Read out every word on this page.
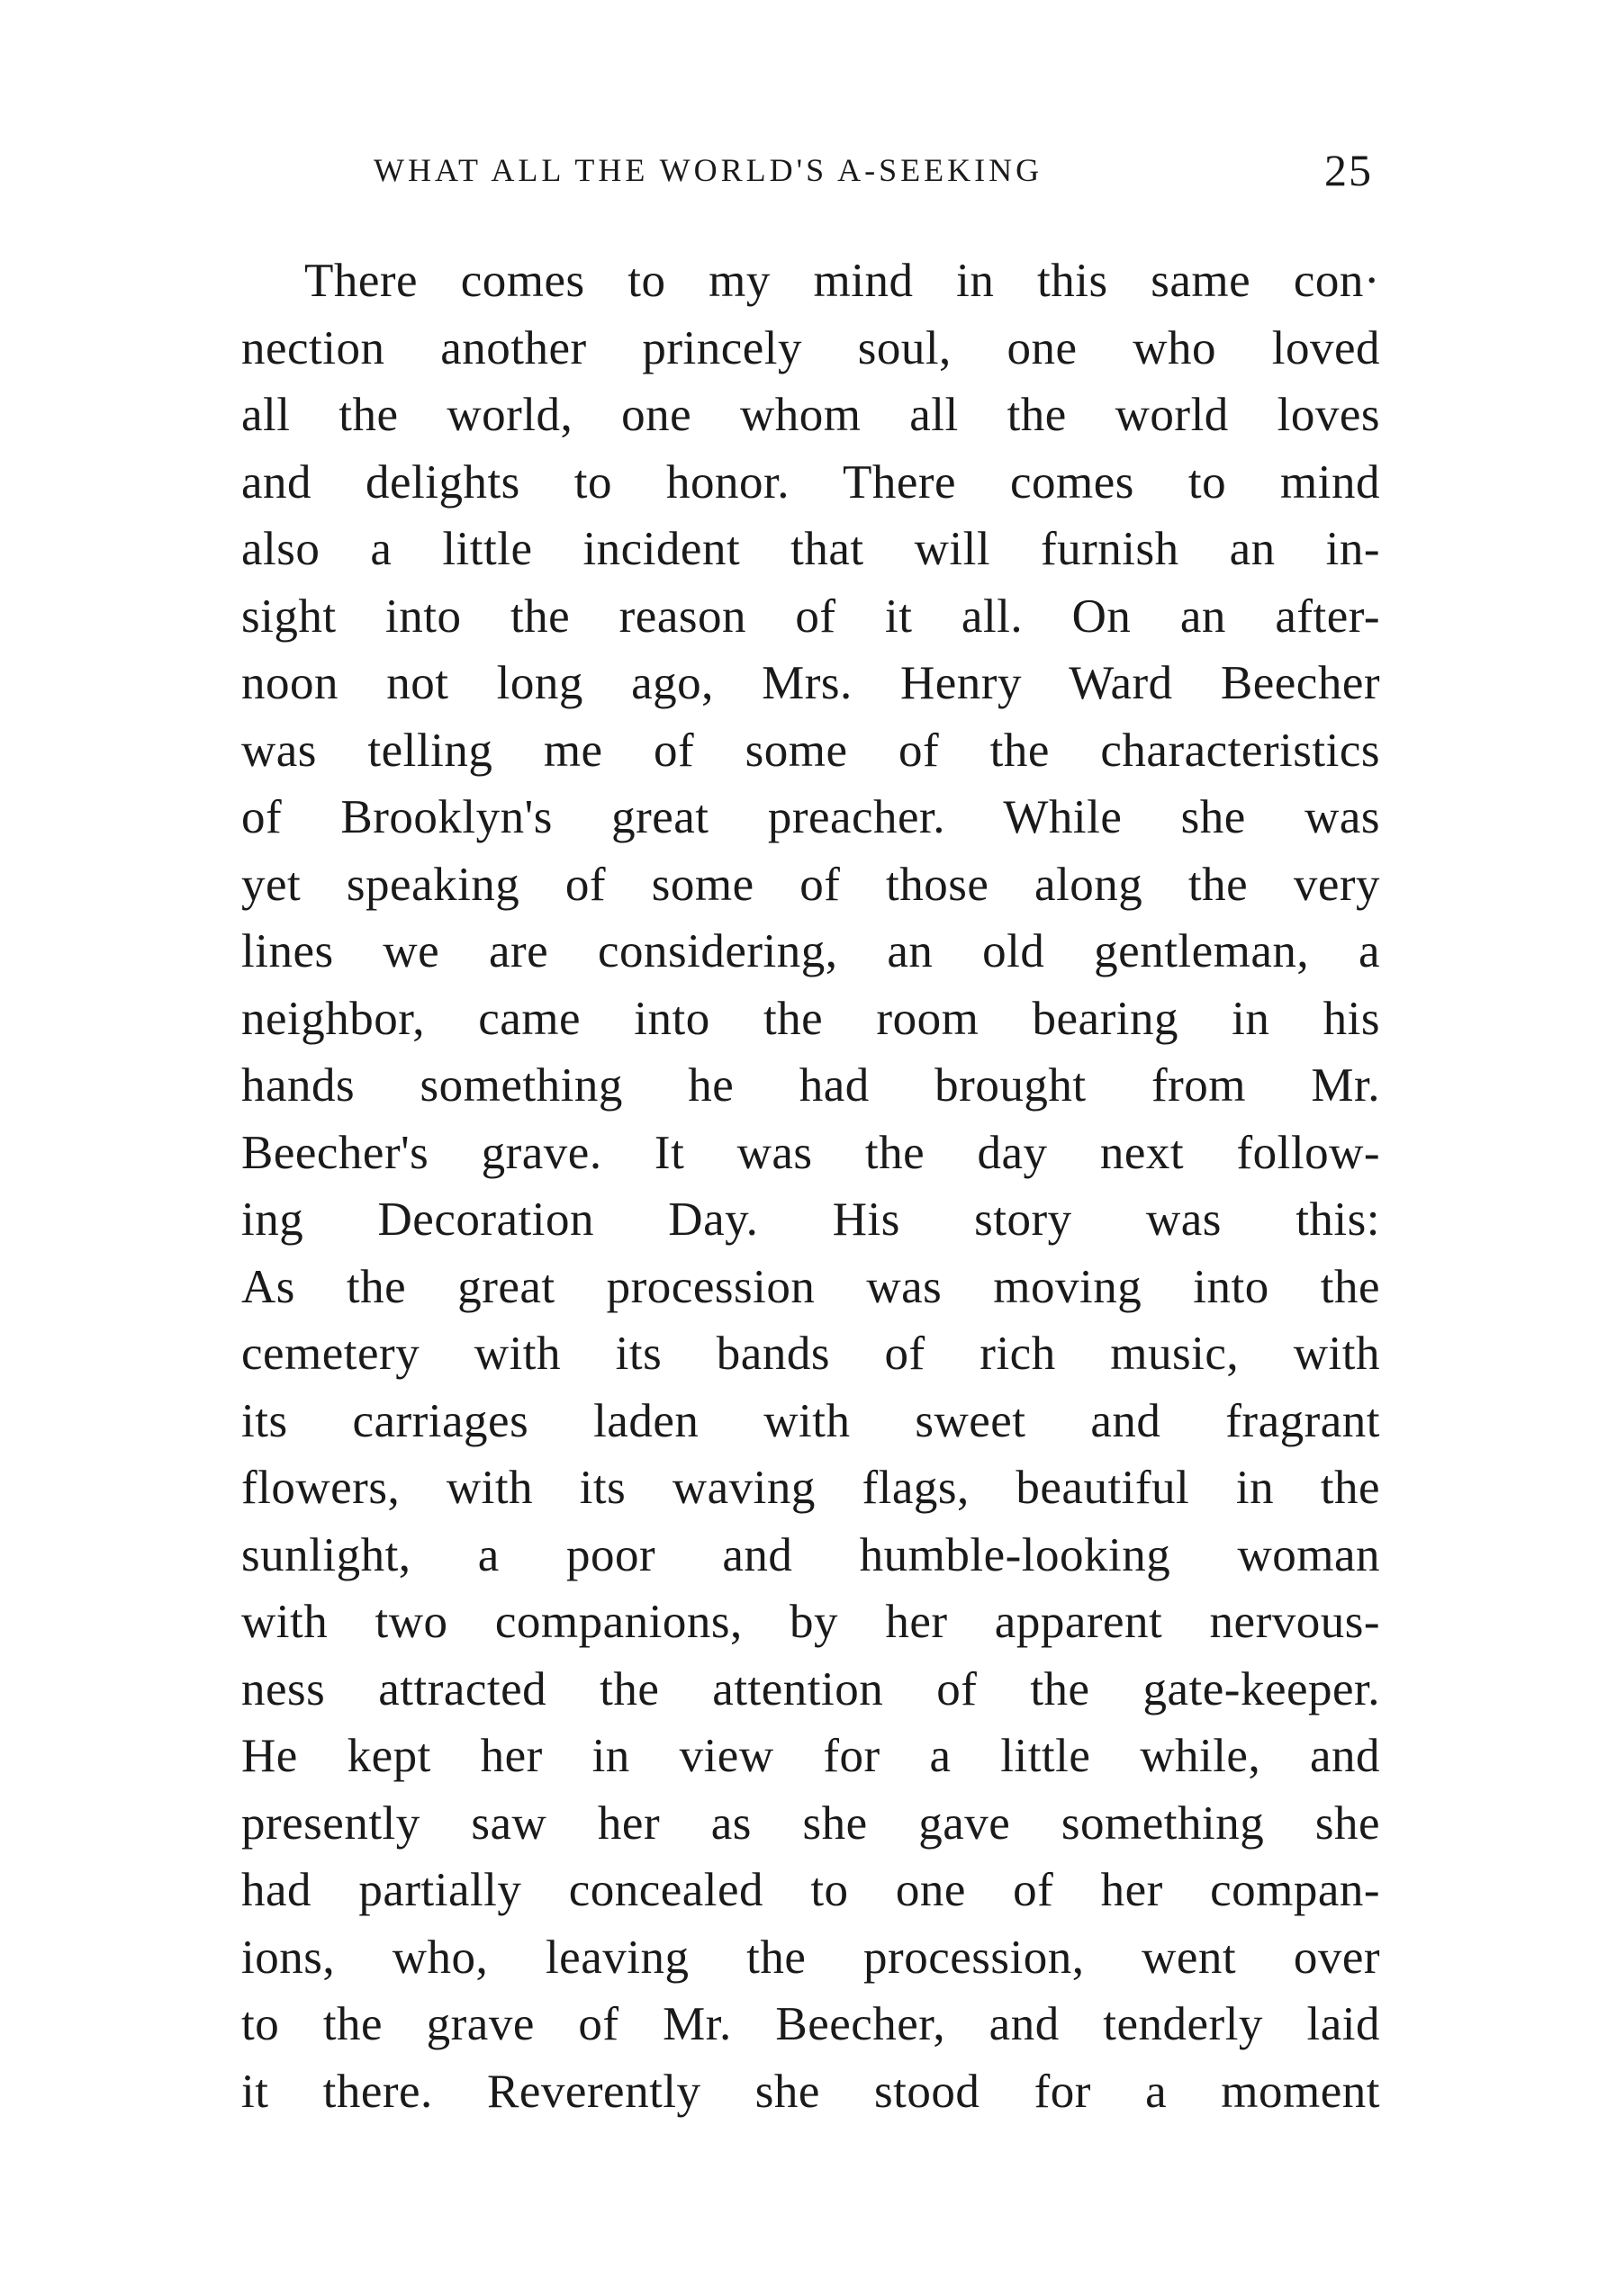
WHAT ALL THE WORLD'S A-SEEKING	25
There comes to my mind in this same con·
nection another princely soul, one who loved
all the world, one whom all the world loves
and delights to honor. There comes to mind
also a little incident that will furnish an in-
sight into the reason of it all. On an after-
noon not long ago, Mrs. Henry Ward Beecher
was telling me of some of the characteristics
of Brooklyn's great preacher. While she was
yet speaking of some of those along the very
lines we are considering, an old gentleman, a
neighbor, came into the room bearing in his
hands something he had brought from Mr.
Beecher's grave. It was the day next follow-
ing Decoration Day. His story was this:
As the great procession was moving into the
cemetery with its bands of rich music, with
its carriages laden with sweet and fragrant
flowers, with its waving flags, beautiful in the
sunlight, a poor and humble-looking woman
with two companions, by her apparent nervous-
ness attracted the attention of the gate-keeper.
He kept her in view for a little while, and
presently saw her as she gave something she
had partially concealed to one of her compan-
ions, who, leaving the procession, went over
to the grave of Mr. Beecher, and tenderly laid
it there. Reverently she stood for a moment
